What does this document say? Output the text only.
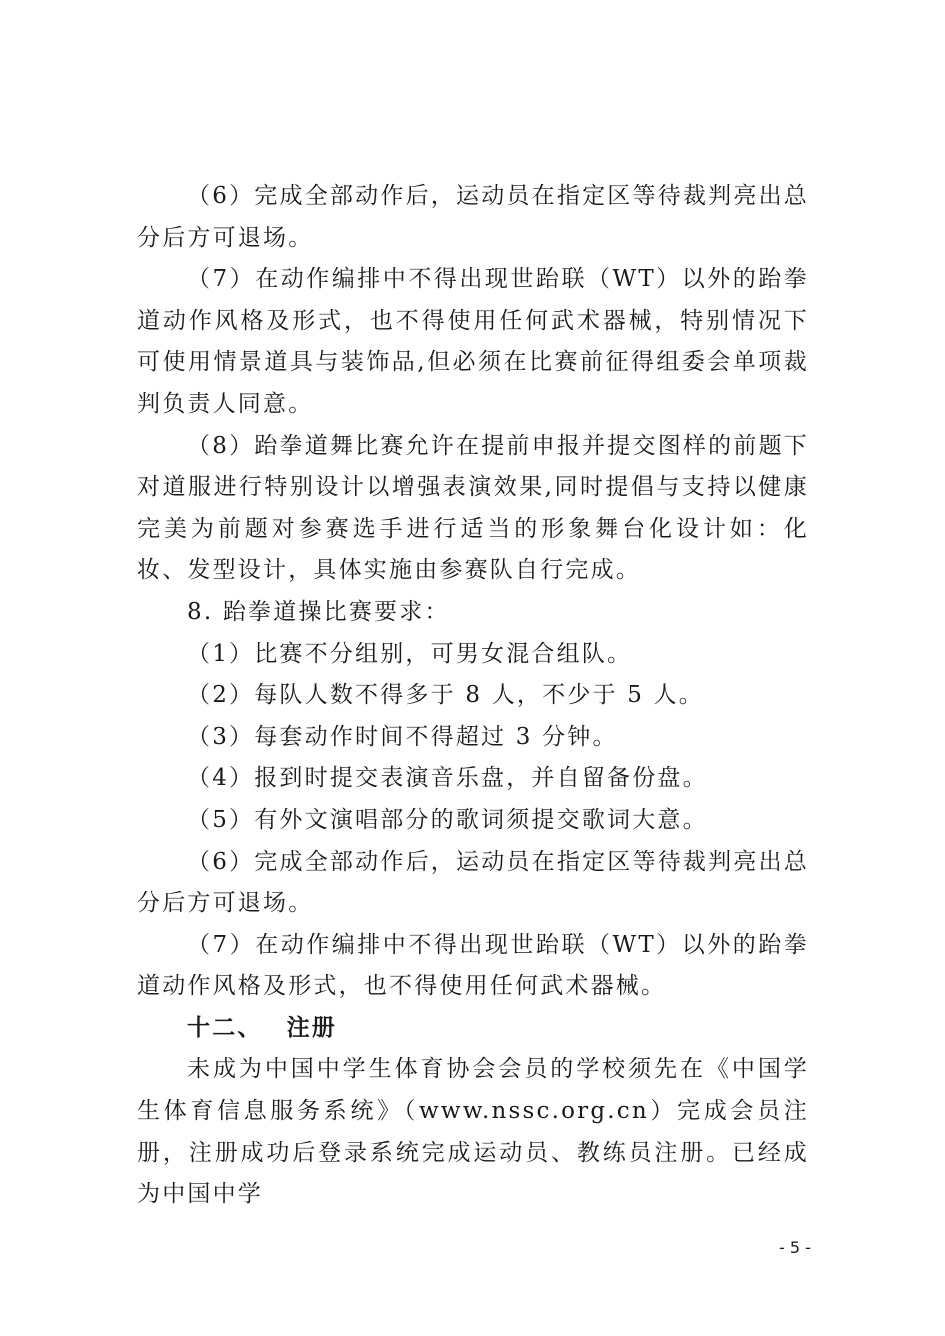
（6）完成全部动作后，运动员在指定区等待裁判亮出总分后方可退场。

（7）在动作编排中不得出现世跆联（WT）以外的跆拳道动作风格及形式，也不得使用任何武术器械，特别情况下可使用情景道具与装饰品,但必须在比赛前征得组委会单项裁判负责人同意。

（8）跆拳道舞比赛允许在提前申报并提交图样的前题下对道服进行特别设计以增强表演效果,同时提倡与支持以健康完美为前题对参赛选手进行适当的形象舞台化设计如：化妆、发型设计，具体实施由参赛队自行完成。

8. 跆拳道操比赛要求：

（1）比赛不分组别，可男女混合组队。

（2）每队人数不得多于 8 人，不少于 5 人。

（3）每套动作时间不得超过 3 分钟。

（4）报到时提交表演音乐盘，并自留备份盘。

（5）有外文演唱部分的歌词须提交歌词大意。

（6）完成全部动作后，运动员在指定区等待裁判亮出总分后方可退场。

（7）在动作编排中不得出现世跆联（WT）以外的跆拳道动作风格及形式，也不得使用任何武术器械。

十二、 注册

未成为中国中学生体育协会会员的学校须先在《中国学生体育信息服务系统》（www.nssc.org.cn）完成会员注册，注册成功后登录系统完成运动员、教练员注册。已经成为中国中学

- 5 -
